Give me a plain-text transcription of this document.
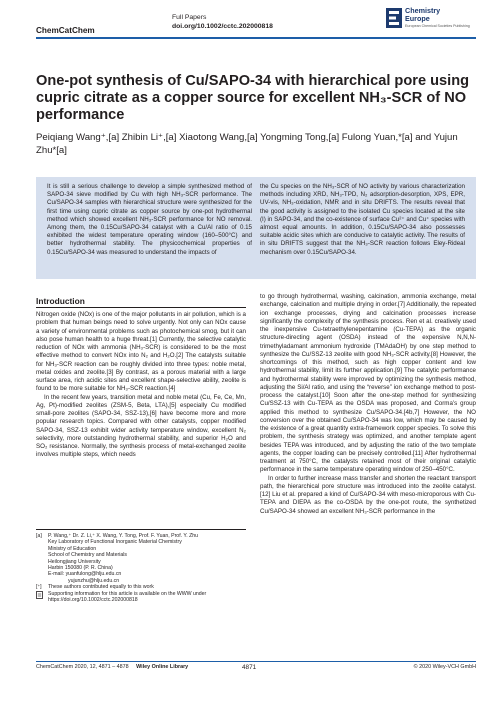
ChemCatChem
Full Papers
doi.org/10.1002/cctc.202000818
Chemistry
Europe
European Chemical Societies Publishing
One-pot synthesis of Cu/SAPO-34 with hierarchical pore using cupric citrate as a copper source for excellent NH₃-SCR of NO performance
Peiqiang Wang⁺,[a] Zhibin Li⁺,[a] Xiaotong Wang,[a] Yongming Tong,[a] Fulong Yuan,*[a] and Yujun Zhu*[a]
It is still a serious challenge to develop a simple synthesized method of SAPO-34 sieve modified by Cu with high NH₃-SCR performance. The Cu/SAPO-34 samples with hierarchical structure were synthesized for the first time using cupric citrate as copper source by one-pot hydrothermal method which showed excellent NH₃-SCR performance for NO removal. Among them, the 0.15Cu/SAPO-34 catalyst with a Cu/Al ratio of 0.15 exhibited the widest temperature operating window (160–500°C) and better hydrothermal stability. The physicochemical properties of 0.15Cu/SAPO-34 was measured to understand the impacts of
the Cu species on the NH₃-SCR of NO activity by various characterization methods including XRD, NH₃-TPD, N₂ adsorption-desorption, XPS, EPR, UV-vis, NH₃-oxidation, NMR and in situ DRIFTS. The results reveal that the good activity is assigned to the isolated Cu species located at the site (I) in SAPO-34, and the co-existence of surface Cu²⁺ and Cu⁺ species with almost equal amounts. In addition, 0.15Cu/SAPO-34 also possesses suitable acidic sites which are conducive to catalytic activity. The results of in situ DRIFTS suggest that the NH₃-SCR reaction follows Eley-Rideal mechanism over 0.15Cu/SAPO-34.
Introduction

Nitrogen oxide (NOx) is one of the major pollutants in air pollution, which is a problem that human beings need to solve urgently. Not only can NOx cause a variety of environmental problems such as photochemical smog, but it can also pose human health to a huge threat.[1] Currently, the selective catalytic reduction of NOx with ammonia (NH₃-SCR) is considered to be the most effective method to convert NOx into N₂ and H₂O.[2] The catalysts suitable for NH₃-SCR reaction can be roughly divided into three types: noble metal, metal oxides and zeolite.[3] By contrast, as a porous material with a large surface area, rich acidic sites and excellent shape-selective ability, zeolite is found to be more suitable for NH₃-SCR reaction.[4]

In the recent few years, transition metal and noble metal (Cu, Fe, Ce, Mn, Ag, Pt)-modified zeolites (ZSM-5, Beta, LTA),[5] especially Cu modified small-pore zeolites (SAPO-34, SSZ-13),[6] have become more and more popular research topics. Compared with other catalysts, copper modified SAPO-34, SSZ-13 exhibit wider activity temperature window, excellent N₂ selectivity, more outstanding hydrothermal stability, and superior H₂O and SO₂ resistance. Normally, the synthesis process of metal-exchanged zeolite involves multiple steps, which needs

[a]	P. Wang,⁺ Dr. Z. Li,⁺ X. Wang, Y. Tong, Prof. F. Yuan, Prof. Y. Zhu
Key Laboratory of Functional Inorganic Material Chemistry
Ministry of Education
School of Chemistry and Materials
Heilongjiang University
Harbin 150080 (P. R. China)
E-mail: yuanfulong@hlju.edu.cn
yujunzhu@hlju.edu.cn
[⁺]	These authors contributed equally to this work
Supporting information for this article is available on the WWW under https://doi.org/10.1002/cctc.202000818

to go through hydrothermal, washing, calcination, ammonia exchange, metal exchange, calcination and multiple drying in order.[7] Additionally, the repeated ion exchange processes, drying and calcination processes increase significantly the complexity of the synthesis process. Ren et al. creatively used the inexpensive Cu-tetraethylenepentamine (Cu-TEPA) as the organic structure-directing agent (OSDA) instead of the expensive N,N,N-trimethyladamant ammonium hydroxide (TMAdaOH) by one step method to synthesize the Cu/SSZ-13 zeolite with good NH₃-SCR activity.[8] However, the shortcomings of this method, such as high copper content and low hydrothermal stability, limit its further application.[9] The catalytic performance and hydrothermal stability were improved by optimizing the synthesis method, adjusting the Si/Al ratio, and using the “reverse” ion exchange method to post-process the catalyst.[10] Soon after the one-step method for synthesizing Cu/SSZ-13 with Cu-TEPA as the OSDA was proposed, and Corma’s group applied this method to synthesize Cu/SAPO-34.[4b,7] However, the NO conversion over the obtained Cu/SAPO-34 was low, which may be caused by the existence of a great quantity extra-framework copper species. To solve this problem, the synthesis strategy was optimized, and another template agent besides TEPA was introduced, and by adjusting the ratio of the two template agents, the copper loading can be precisely controlled.[11] After hydrothermal treatment at 750°C, the catalysts retained most of their original catalytic performance in the same temperature operating window of 250–450°C.

In order to further increase mass transfer and shorten the reactant transport path, the hierarchical pore structure was introduced into the zeolite catalyst.[12] Liu et al. prepared a kind of Cu/SAPO-34 with meso-microporous with Cu-TEPA and DIEPA as the co-OSDA by the one-pot route, the synthetized Cu/SAPO-34 showed an excellent NH₃-SCR performance in the

ChemCatChem 2020, 12, 4871 – 4878 Wiley Online Library	4871	© 2020 Wiley-VCH GmbH
